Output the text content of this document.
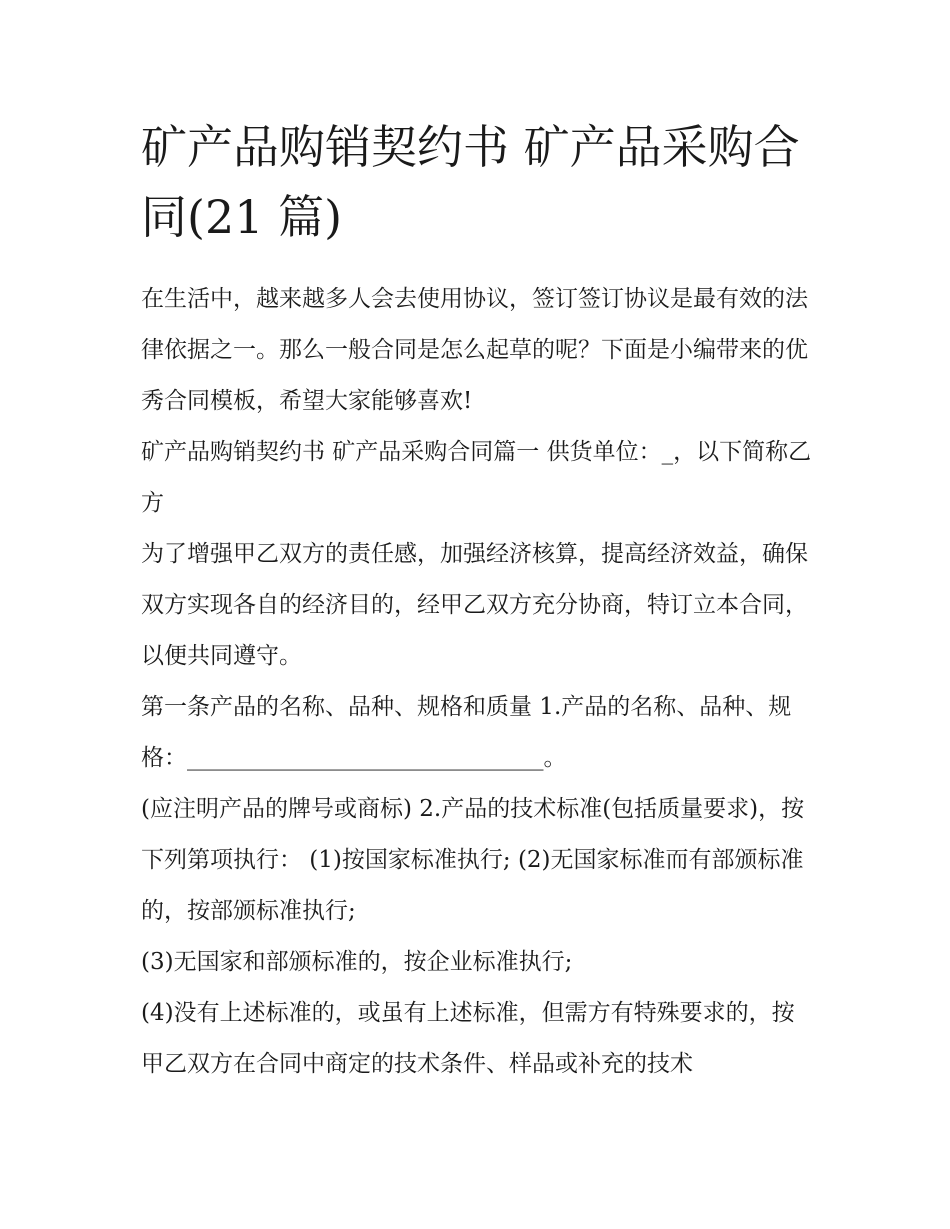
矿产品购销契约书 矿产品采购合同(21 篇)

在生活中，越来越多人会去使用协议，签订签订协议是最有效的法律依据之一。那么一般合同是怎么起草的呢？下面是小编带来的优秀合同模板，希望大家能够喜欢!

矿产品购销契约书 矿产品采购合同篇一 供货单位：_，以下简称乙方

为了增强甲乙双方的责任感，加强经济核算，提高经济效益，确保双方实现各自的经济目的，经甲乙双方充分协商，特订立本合同，以便共同遵守。

第一条产品的名称、品种、规格和质量 1.产品的名称、品种、规格：_______________________________。

(应注明产品的牌号或商标) 2.产品的技术标准(包括质量要求)，按下列第项执行： (1)按国家标准执行; (2)无国家标准而有部颁标准的，按部颁标准执行;

(3)无国家和部颁标准的，按企业标准执行;

(4)没有上述标准的，或虽有上述标准，但需方有特殊要求的，按甲乙双方在合同中商定的技术条件、样品或补充的技术
